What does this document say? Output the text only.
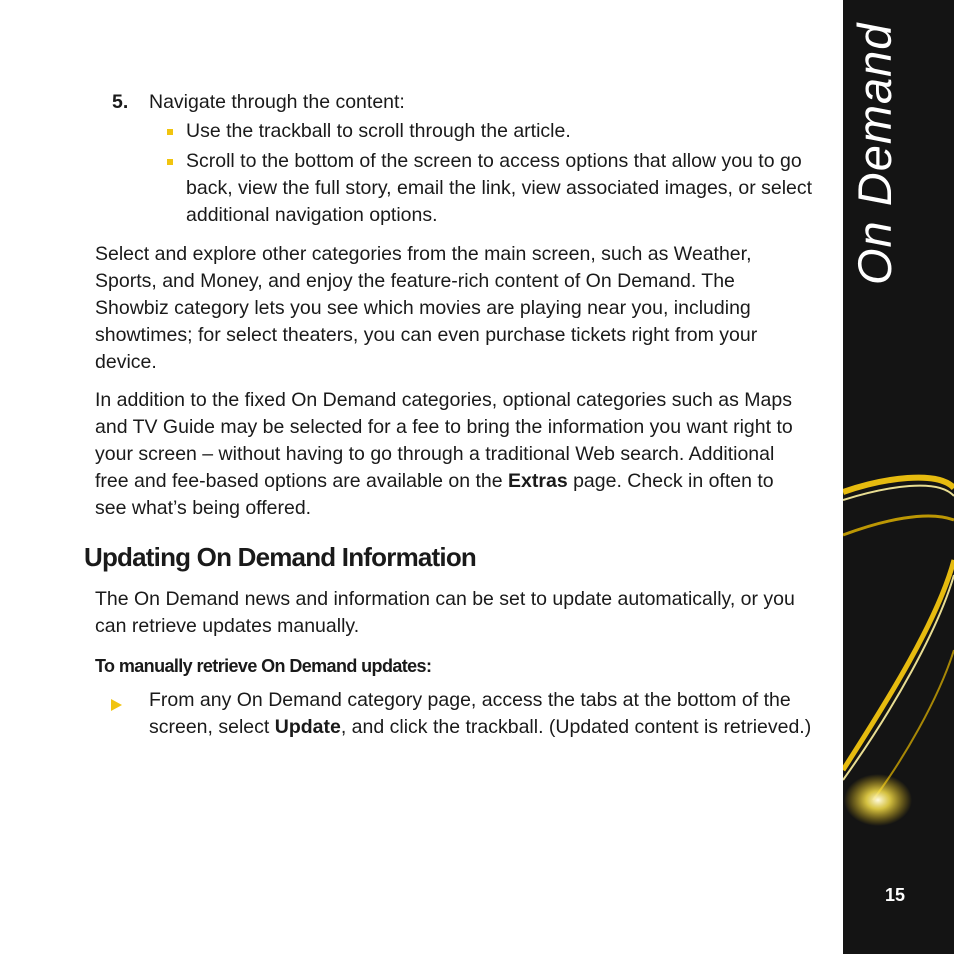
5. Navigate through the content:
Use the trackball to scroll through the article.
Scroll to the bottom of the screen to access options that allow you to go back, view the full story, email the link, view associated images, or select additional navigation options.

Select and explore other categories from the main screen, such as Weather, Sports, and Money, and enjoy the feature-rich content of On Demand. The Showbiz category lets you see which movies are playing near you, including showtimes; for select theaters, you can even purchase tickets right from your device.

In addition to the fixed On Demand categories, optional categories such as Maps and TV Guide may be selected for a fee to bring the information you want right to your screen – without having to go through a traditional Web search. Additional free and fee-based options are available on the Extras page. Check in often to see what’s being offered.

Updating On Demand Information

The On Demand news and information can be set to update automatically, or you can retrieve updates manually.

To manually retrieve On Demand updates:
From any On Demand category page, access the tabs at the bottom of the screen, select Update, and click the trackball. (Updated content is retrieved.)
15
On Demand
